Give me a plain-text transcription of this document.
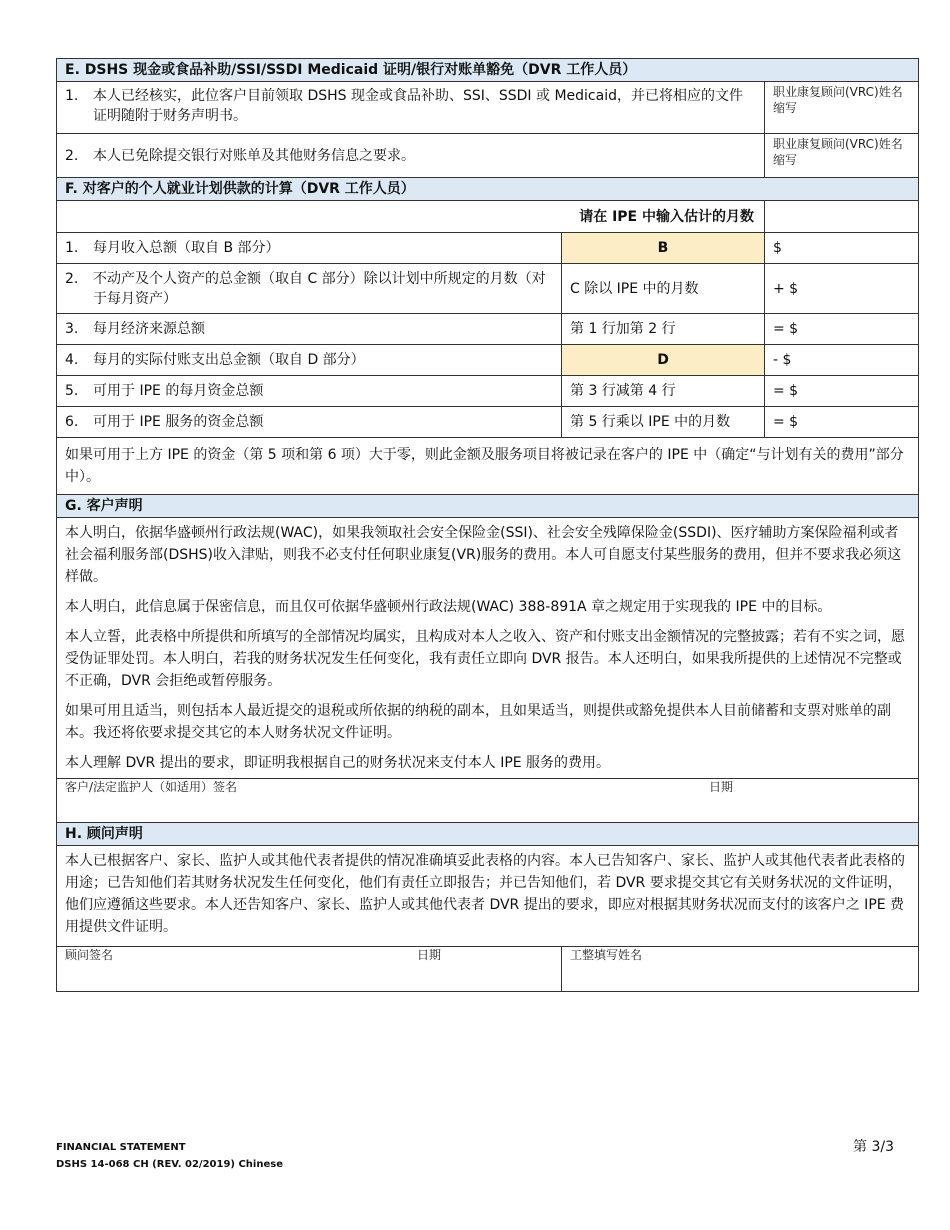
E. DSHS 现金或食品补助/SSI/SSDI Medicaid 证明/银行对账单豁免（DVR 工作人员）		

1. 本人已经核实，此位客户目前领取 DSHS 现金或食品补助、SSI、SSDI 或 Medicaid，并已将相应的文件证明随附于财务声明书。		职业康复顾问(VRC)姓名缩写

2. 本人已免除提交银行对账单及其他财务信息之要求。		职业康复顾问(VRC)姓名缩写

F. 对客户的个人就业计划供款的计算（DVR 工作人员）		
请在 IPE 中输入估计的月数		

1. 每月收入总额（取自 B 部分）	B	$

2. 不动产及个人资产的总金额（取自 C 部分）除以计划中所规定的月数（对于每月资产）	C 除以 IPE 中的月数	+ $

3. 每月经济来源总额	第 1 行加第 2 行	= $

4. 每月的实际付账支出总金额（取自 D 部分）	D	- $

5. 可用于 IPE 的每月资金总额	第 3 行减第 4 行	= $

6. 可用于 IPE 服务的资金总额	第 5 行乘以 IPE 中的月数	= $

如果可用于上方 IPE 的资金（第 5 项和第 6 项）大于零，则此金额及服务项目将被记录在客户的 IPE 中（确定“与计划有关的费用”部分中）。		

G. 客户声明		

本人明白，依据华盛顿州行政法规(WAC)，如果我领取社会安全保险金(SSI)、社会安全残障保险金(SSDI)、医疗辅助方案保险福利或者社会福利服务部(DSHS)收入津贴，则我不必支付任何职业康复(VR)服务的费用。本人可自愿支付某些服务的费用，但并不要求我必须这样做。

本人明白，此信息属于保密信息，而且仅可依据华盛顿州行政法规(WAC) 388-891A 章之规定用于实现我的 IPE 中的目标。

本人立誓，此表格中所提供和所填写的全部情况均属实，且构成对本人之收入、资产和付账支出金额情况的完整披露；若有不实之词，愿受伪证罪处罚。本人明白，若我的财务状况发生任何变化，我有责任立即向 DVR 报告。本人还明白，如果我所提供的上述情况不完整或不正确，DVR 会拒绝或暂停服务。

如果可用且适当，则包括本人最近提交的退税或所依据的纳税的副本，且如果适当，则提供或豁免提供本人目前储蓄和支票对账单的副本。我还将依要求提交其它的本人财务状况文件证明。

本人理解 DVR 提出的要求，即证明我根据自己的财务状况来支付本人 IPE 服务的费用。		

客户/法定监护人（如适用）签名 日期		

H. 顾问声明		

本人已根据客户、家长、监护人或其他代表者提供的情况准确填妥此表格的内容。本人已告知客户、家长、监护人或其他代表者此表格的用途；已告知他们若其财务状况发生任何变化，他们有责任立即报告；并已告知他们，若 DVR 要求提交其它有关财务状况的文件证明，他们应遵循这些要求。本人还告知客户、家长、监护人或其他代表者 DVR 提出的要求，即应对根据其财务状况而支付的该客户之 IPE 费用提供文件证明。		

顾问签名 日期	工整填写姓名	
FINANCIAL STATEMENT
DSHS 14-068 CH (REV. 02/2019) Chinese
第 3/3
